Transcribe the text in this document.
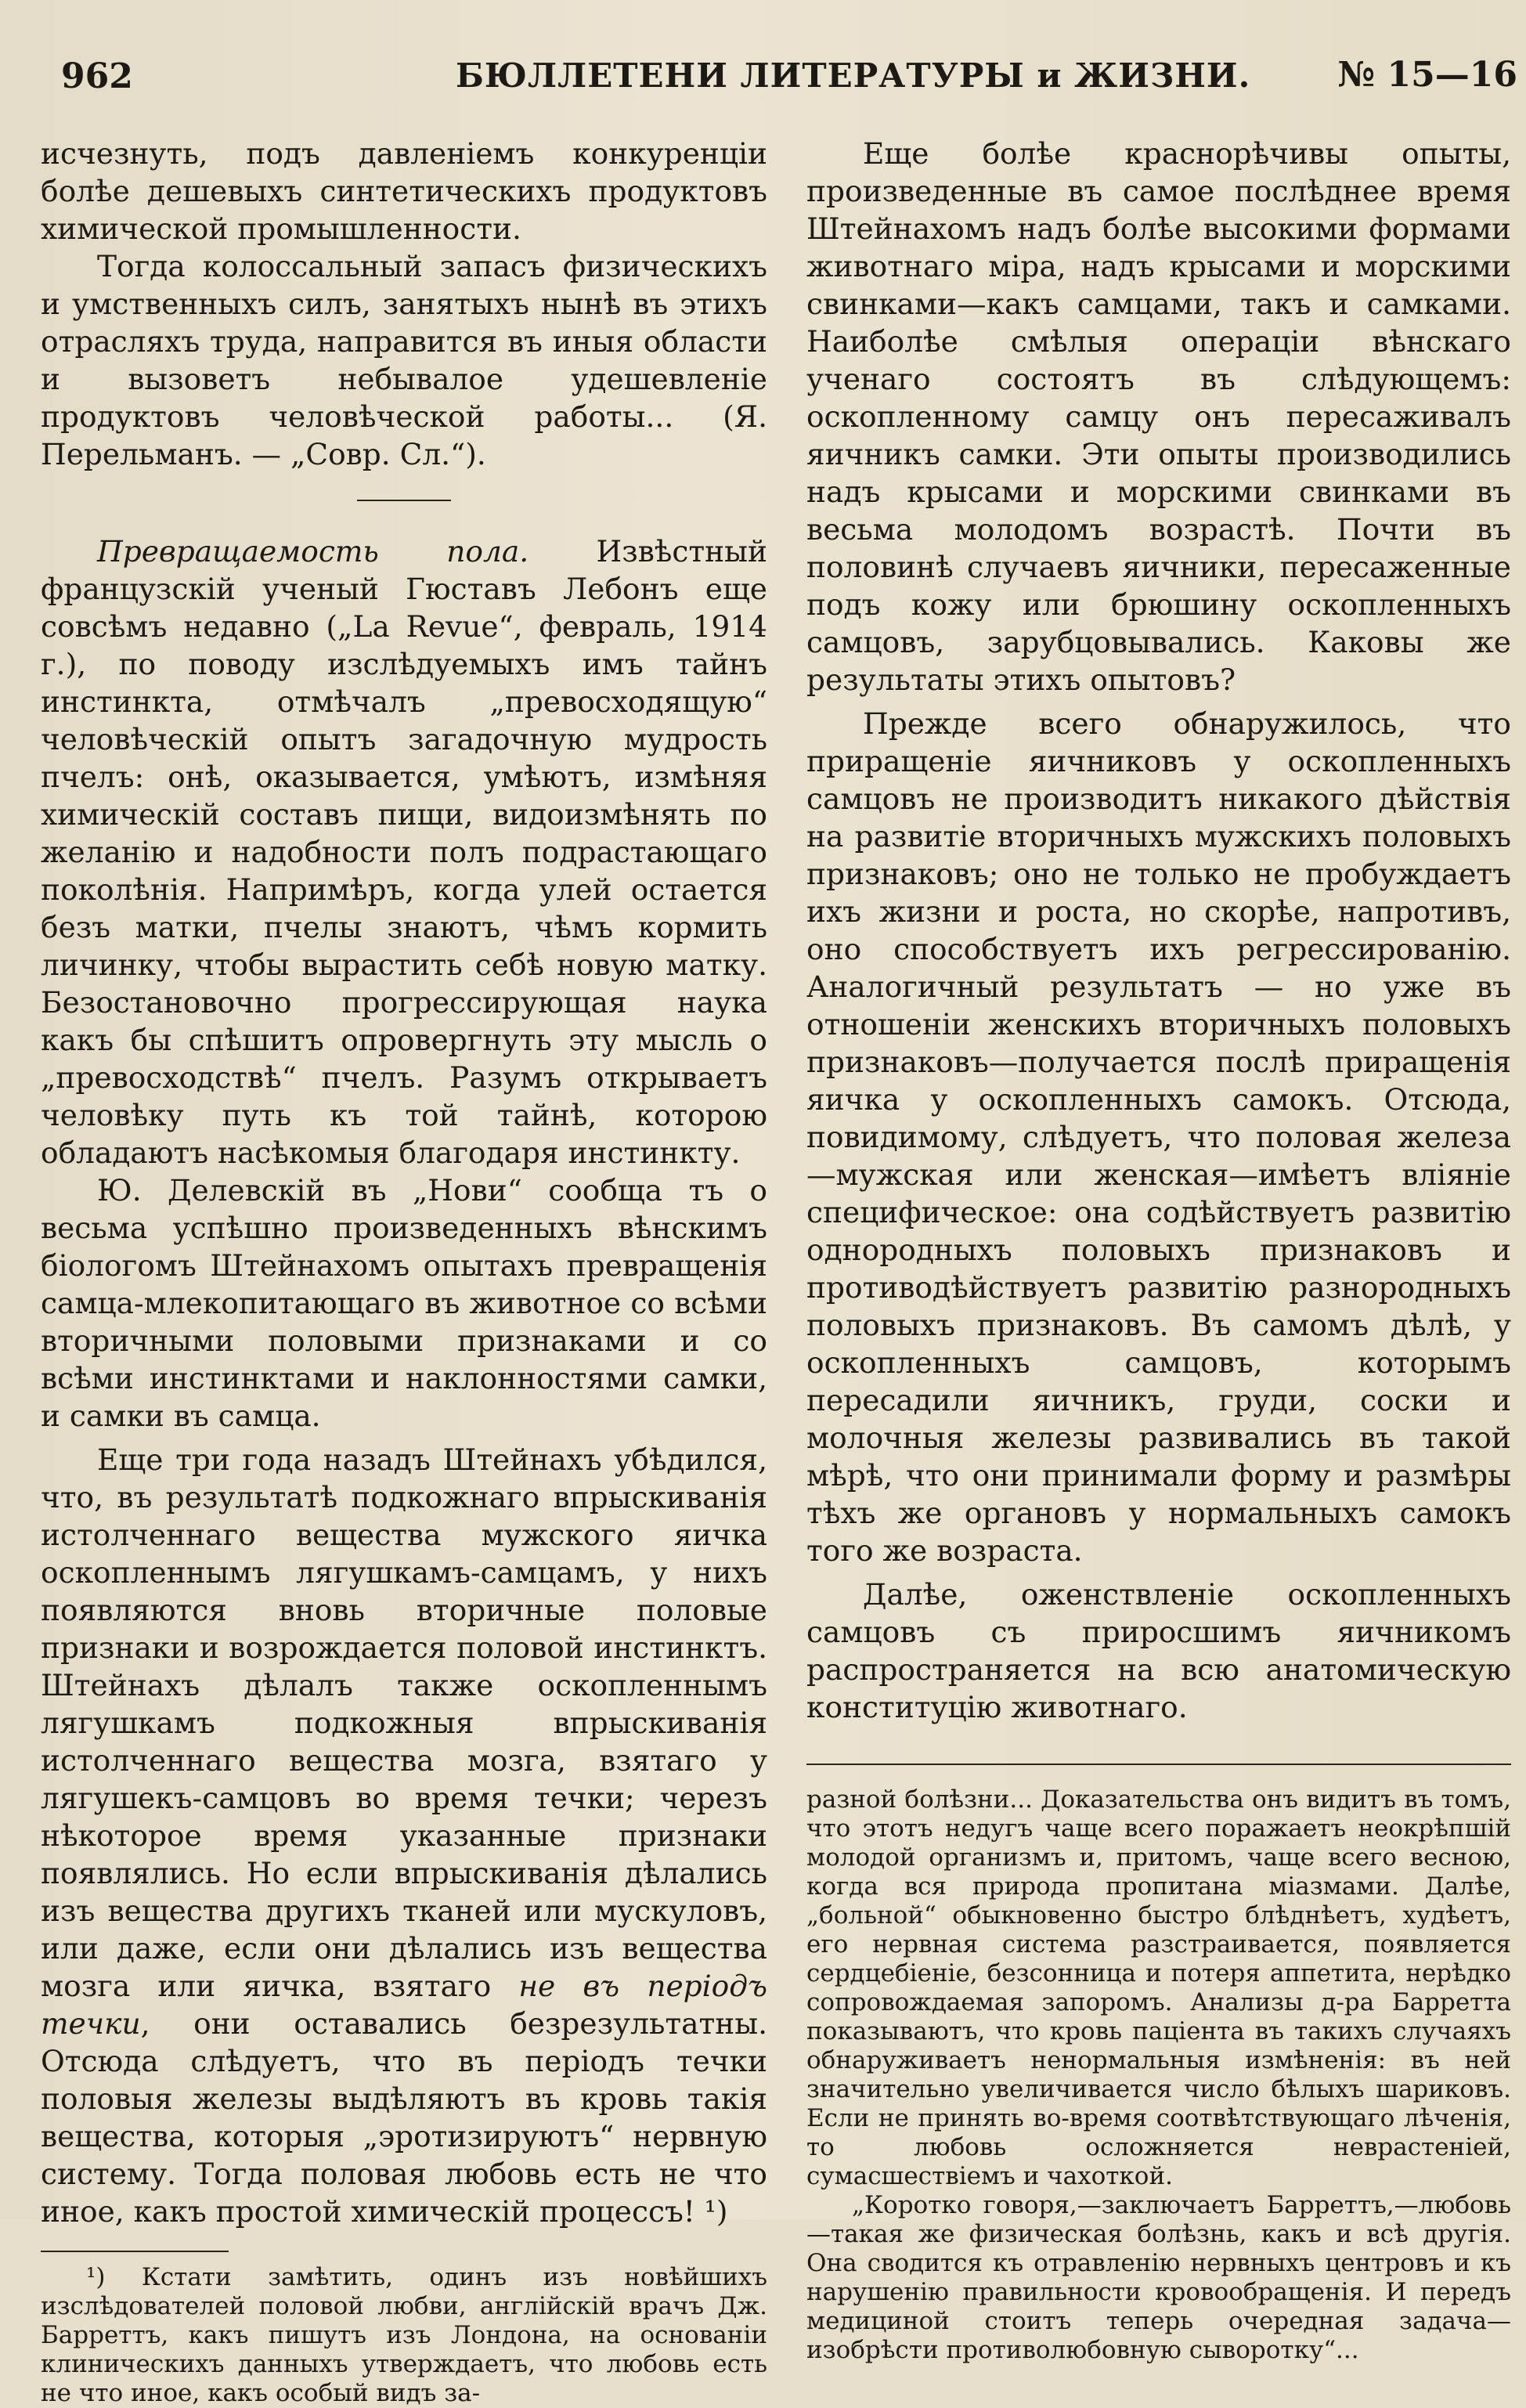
962	БЮЛЛЕТЕНИ ЛИТЕРАТУРЫ и ЖИЗНИ.	№ 15—16

исчезнуть, подъ давленіемъ конкуренціи болѣе дешевыхъ синтетическихъ продуктовъ химической промышленности.

Тогда колоссальный запасъ физическихъ и умственныхъ силъ, занятыхъ нынѣ въ этихъ отрасляхъ труда, направится въ иныя области и вызоветъ небывалое удешевленіе продуктовъ человѣческой работы... (Я. Перельманъ. — „Совр. Сл.“).

Превращаемость пола. Извѣстный французскій ученый Гюставъ Лебонъ еще совсѣмъ недавно („La Revue“, февраль, 1914 г.), по поводу изслѣдуемыхъ имъ тайнъ инстинкта, отмѣчалъ „превосходящую“ человѣческій опытъ загадочную мудрость пчелъ: онѣ, оказывается, умѣютъ, измѣняя химическій составъ пищи, видоизмѣнять по желанію и надобности полъ подрастающаго поколѣнія. Напримѣръ, когда улей остается безъ матки, пчелы знаютъ, чѣмъ кормить личинку, чтобы вырастить себѣ новую матку. Безостановочно прогрессирующая наука какъ бы спѣшитъ опровергнуть эту мысль о „превосходствѣ“ пчелъ. Разумъ открываетъ человѣку путь къ той тайнѣ, которою обладаютъ насѣкомыя благодаря инстинкту.

Ю. Делевскій въ „Нови“ сообща тъ о весьма успѣшно произведенныхъ вѣнскимъ біологомъ Штейнахомъ опытахъ превращенія самца-млекопитающаго въ животное со всѣми вторичными половыми признаками и со всѣми инстинктами и наклонностями самки, и самки въ самца.

Еще три года назадъ Штейнахъ убѣдился, что, въ результатѣ подкожнаго впрыскиванія истолченнаго вещества мужского яичка оскопленнымъ лягушкамъ-самцамъ, у нихъ появляются вновь вторичные половые признаки и возрождается половой инстинктъ. Штейнахъ дѣлалъ также оскопленнымъ лягушкамъ подкожныя впрыскиванія истолченнаго вещества мозга, взятаго у лягушекъ-самцовъ во время течки; черезъ нѣкоторое время указанные признаки появлялись. Но если впрыскиванія дѣлались изъ вещества другихъ тканей или мускуловъ, или даже, если они дѣлались изъ вещества мозга или яичка, взятаго не въ періодъ течки, они оставались безрезультатны. Отсюда слѣдуетъ, что въ періодъ течки половыя железы выдѣляютъ въ кровь такія вещества, которыя „эротизируютъ“ нервную систему. Тогда половая любовь есть не что иное, какъ простой химическій процессъ! ¹)

¹) Кстати замѣтить, одинъ изъ новѣйшихъ изслѣдователей половой любви, англійскій врачъ Дж. Барреттъ, какъ пишутъ изъ Лондона, на основаніи клиническихъ данныхъ утверждаетъ, что любовь есть не что иное, какъ особый видъ за-

Еще болѣе краснорѣчивы опыты, произведенные въ самое послѣднее время Штейнахомъ надъ болѣе высокими формами животнаго міра, надъ крысами и морскими свинками—какъ самцами, такъ и самками. Наиболѣе смѣлыя операціи вѣнскаго ученаго состоятъ въ слѣдующемъ: оскопленному самцу онъ пересаживалъ яичникъ самки. Эти опыты производились надъ крысами и морскими свинками въ весьма молодомъ возрастѣ. Почти въ половинѣ случаевъ яичники, пересаженные подъ кожу или брюшину оскопленныхъ самцовъ, зарубцовывались. Каковы же результаты этихъ опытовъ?

Прежде всего обнаружилось, что приращеніе яичниковъ у оскопленныхъ самцовъ не производитъ никакого дѣйствія на развитіе вторичныхъ мужскихъ половыхъ признаковъ; оно не только не пробуждаетъ ихъ жизни и роста, но скорѣе, напротивъ, оно способствуетъ ихъ регрессированію. Аналогичный результатъ — но уже въ отношеніи женскихъ вторичныхъ половыхъ признаковъ—получается послѣ приращенія яичка у оскопленныхъ самокъ. Отсюда, повидимому, слѣдуетъ, что половая железа—мужская или женская—имѣетъ вліяніе специфическое: она содѣйствуетъ развитію однородныхъ половыхъ признаковъ и противодѣйствуетъ развитію разнородныхъ половыхъ признаковъ. Въ самомъ дѣлѣ, у оскопленныхъ самцовъ, которымъ пересадили яичникъ, груди, соски и молочныя железы развивались въ такой мѣрѣ, что они принимали форму и размѣры тѣхъ же органовъ у нормальныхъ самокъ того же возраста.

Далѣе, оженствленіе оскопленныхъ самцовъ съ приросшимъ яичникомъ распространяется на всю анатомическую конституцію животнаго.

разной болѣзни... Доказательства онъ видитъ въ томъ, что этотъ недугъ чаще всего поражаетъ неокрѣпшій молодой организмъ и, притомъ, чаще всего весною, когда вся природа пропитана міазмами. Далѣе, „больной“ обыкновенно быстро блѣднѣетъ, худѣетъ, его нервная система разстраивается, появляется сердцебіеніе, безсонница и потеря аппетита, нерѣдко сопровождаемая запоромъ. Анализы д-ра Барретта показываютъ, что кровь паціента въ такихъ случаяхъ обнаруживаетъ ненормальныя измѣненія: въ ней значительно увеличивается число бѣлыхъ шариковъ. Если не принять во-время соотвѣтствующаго лѣченія, то любовь осложняется неврастеніей, сумасшествіемъ и чахоткой.

„Коротко говоря,—заключаетъ Барреттъ,—любовь—такая же физическая болѣзнь, какъ и всѣ другія. Она сводится къ отравленію нервныхъ центровъ и къ нарушенію правильности кровообращенія. И передъ медициной стоитъ теперь очередная задача—изобрѣсти противолюбовную сыворотку“...
